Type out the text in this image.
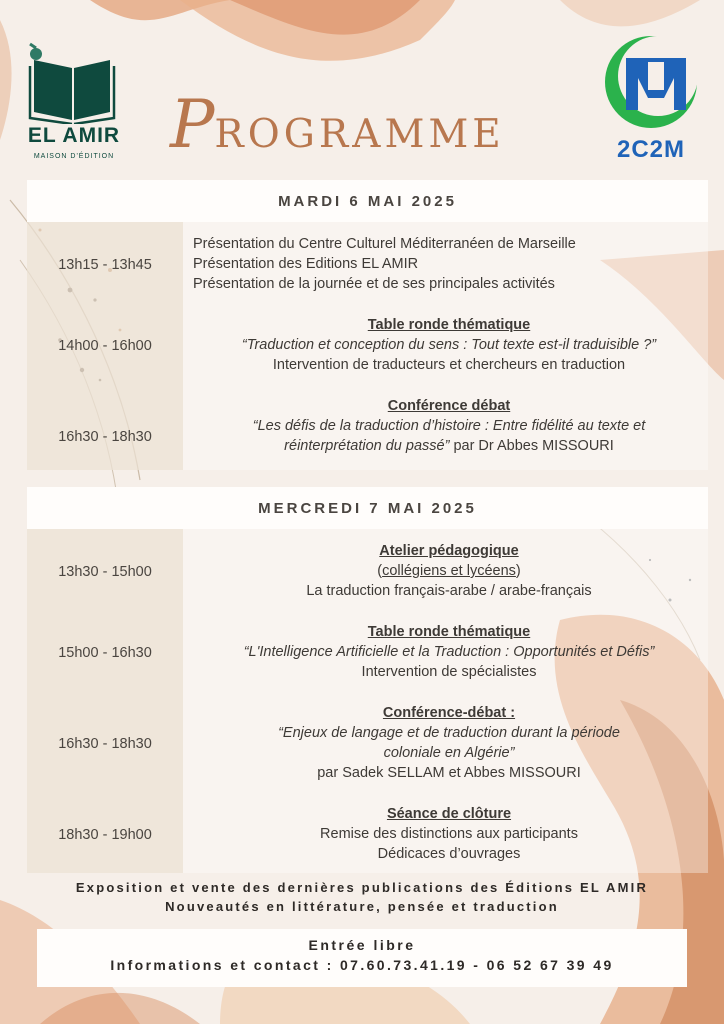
EL AMIR
MAISON D'ÉDITION PROGRAMME	2C2M
MARDI 6 MAI 2025
13h15 - 13h45
Présentation du Centre Culturel Méditerranéen de Marseille
Présentation des Editions EL AMIR
Présentation de la journée et de ses principales activités
14h00 - 16h00
Table ronde thématique
“Traduction et conception du sens : Tout texte est-il traduisible ?”
Intervention de traducteurs et chercheurs en traduction
16h30 - 18h30
Conférence débat
“Les défis de la traduction d’histoire : Entre fidélité au texte et
réinterprétation du passé” par Dr Abbes MISSOURI
MERCREDI 7 MAI 2025
13h30 - 15h00
Atelier pédagogique
(collégiens et lycéens)
La traduction français-arabe / arabe-français
15h00 - 16h30
Table ronde thématique
“L'Intelligence Artificielle et la Traduction : Opportunités et Défis”
Intervention de spécialistes
16h30 - 18h30
Conférence-débat :
“Enjeux de langage et de traduction durant la période
coloniale en Algérie”
par Sadek SELLAM et Abbes MISSOURI
18h30 - 19h00
Séance de clôture
Remise des distinctions aux participants
Dédicaces d’ouvrages
Exposition et vente des dernières publications des Éditions EL AMIR
Nouveautés en littérature, pensée et traduction
Entrée libre
Informations et contact : 07.60.73.41.19 - 06 52 67 39 49
